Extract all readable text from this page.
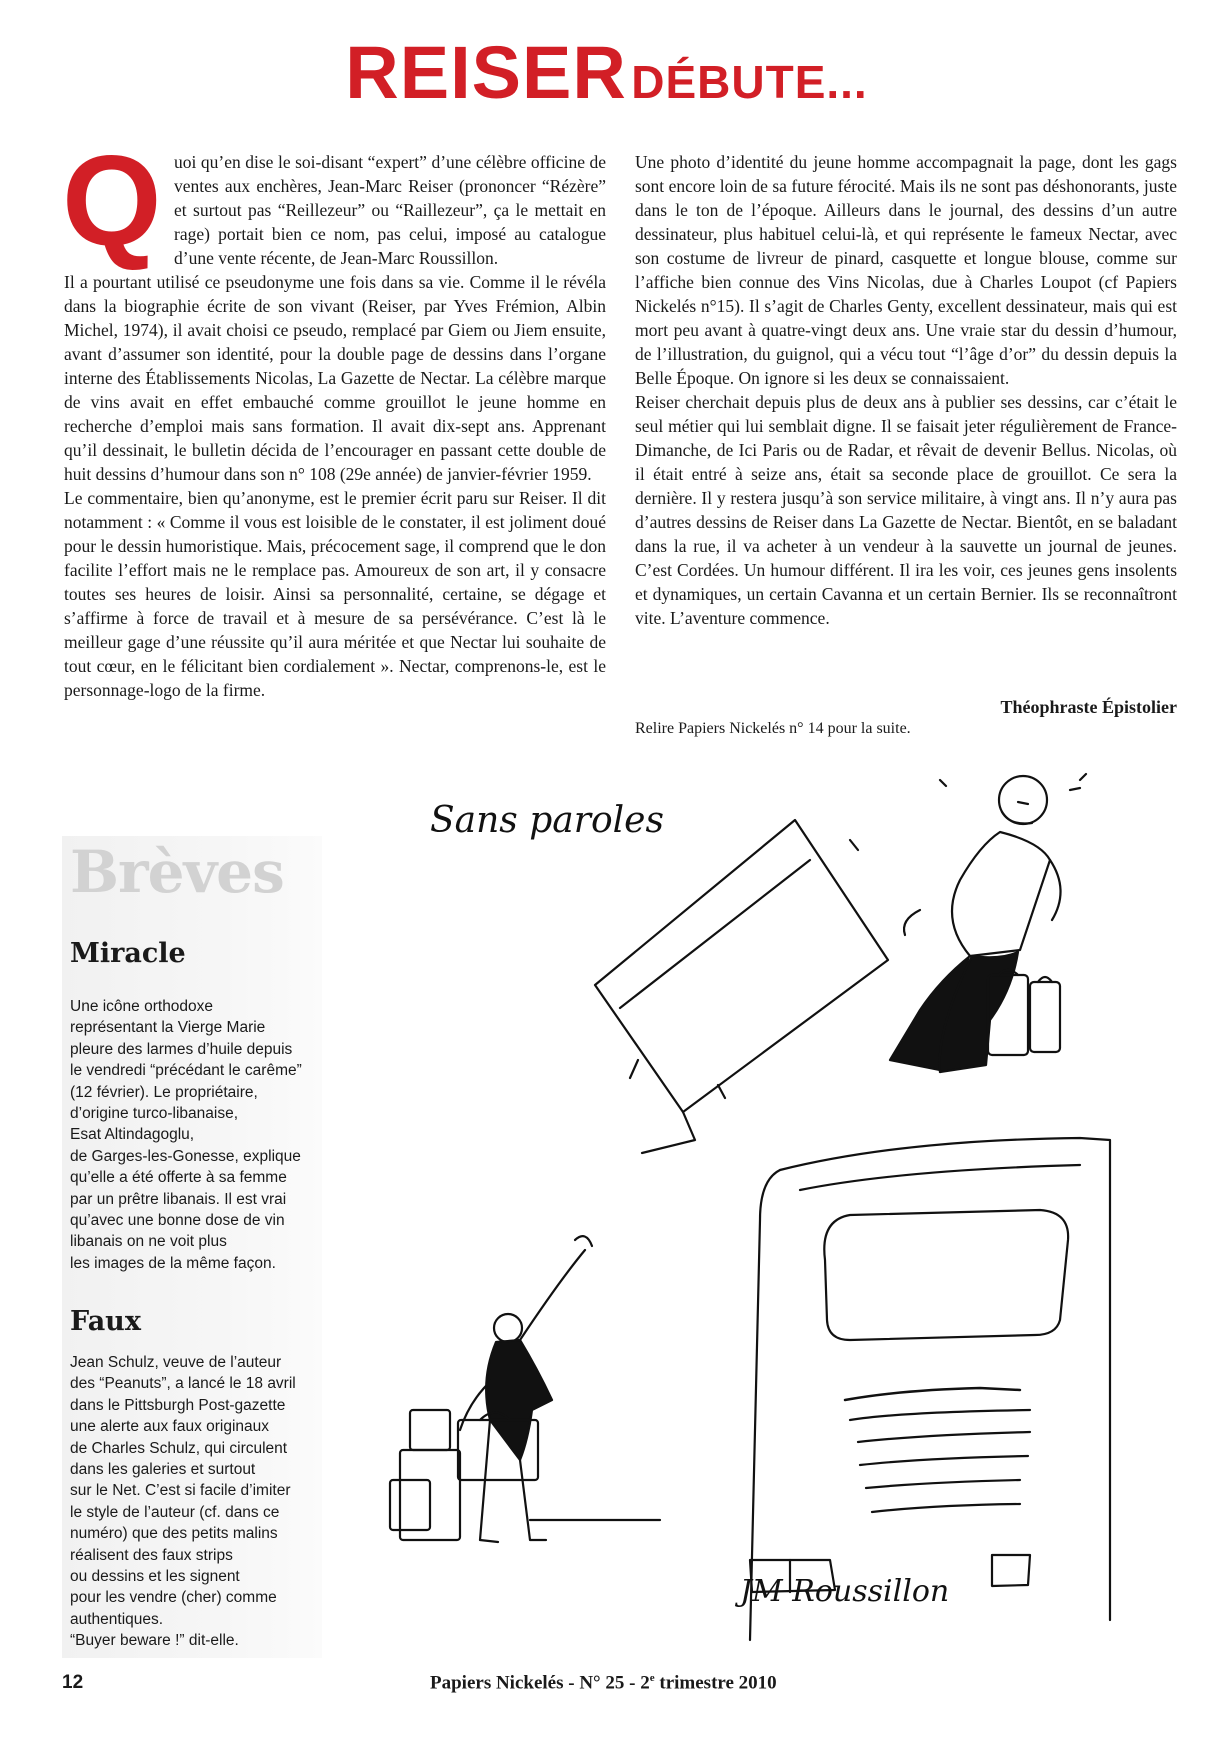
REISER DÉBUTE...
Q uoi qu’en dise le soi-disant “expert” d’une célèbre officine de ventes aux enchères, Jean-Marc Reiser (prononcer “Rézère” et surtout pas “Reillezeur” ou “Raillezeur”, ça le mettait en rage) portait bien ce nom, pas celui, imposé au catalogue d’une vente récente, de Jean-Marc Roussillon.

Il a pourtant utilisé ce pseudonyme une fois dans sa vie. Comme il le révéla dans la biographie écrite de son vivant (Reiser, par Yves Frémion, Albin Michel, 1974), il avait choisi ce pseudo, remplacé par Giem ou Jiem ensuite, avant d’assumer son identité, pour la double page de dessins dans l’organe interne des Établissements Nicolas, La Gazette de Nectar. La célèbre marque de vins avait en effet embauché comme grouillot le jeune homme en recherche d’emploi mais sans formation. Il avait dix-sept ans. Apprenant qu’il dessinait, le bulletin décida de l’encourager en passant cette double de huit dessins d’humour dans son n° 108 (29e année) de janvier-février 1959.

Le commentaire, bien qu’anonyme, est le premier écrit paru sur Reiser. Il dit notamment : « Comme il vous est loisible de le constater, il est joliment doué pour le dessin humoristique. Mais, précocement sage, il comprend que le don facilite l’effort mais ne le remplace pas. Amoureux de son art, il y consacre toutes ses heures de loisir. Ainsi sa personnalité, certaine, se dégage et s’affirme à force de travail et à mesure de sa persévérance. C’est là le meilleur gage d’une réussite qu’il aura méritée et que Nectar lui souhaite de tout cœur, en le félicitant bien cordialement ». Nectar, comprenons-le, est le personnage-logo de la firme.

Une photo d’identité du jeune homme accompagnait la page, dont les gags sont encore loin de sa future férocité. Mais ils ne sont pas déshonorants, juste dans le ton de l’époque. Ailleurs dans le journal, des dessins d’un autre dessinateur, plus habituel celui-là, et qui représente le fameux Nectar, avec son costume de livreur de pinard, casquette et longue blouse, comme sur l’affiche bien connue des Vins Nicolas, due à Charles Loupot (cf Papiers Nickelés n°15). Il s’agit de Charles Genty, excellent dessinateur, mais qui est mort peu avant à quatre-vingt deux ans. Une vraie star du dessin d’humour, de l’illustration, du guignol, qui a vécu tout “l’âge d’or” du dessin depuis la Belle Époque. On ignore si les deux se connaissaient.

Reiser cherchait depuis plus de deux ans à publier ses dessins, car c’était le seul métier qui lui semblait digne. Il se faisait jeter régulièrement de France-Dimanche, de Ici Paris ou de Radar, et rêvait de devenir Bellus. Nicolas, où il était entré à seize ans, était sa seconde place de grouillot. Ce sera la dernière. Il y restera jusqu’à son service militaire, à vingt ans. Il n’y aura pas d’autres dessins de Reiser dans La Gazette de Nectar. Bientôt, en se baladant dans la rue, il va acheter à un vendeur à la sauvette un journal de jeunes. C’est Cordées. Un humour différent. Il ira les voir, ces jeunes gens insolents et dynamiques, un certain Cavanna et un certain Bernier. Ils se reconnaîtront vite. L’aventure commence.

Théophraste Épistolier
Relire Papiers Nickelés n° 14 pour la suite.
Brèves
Miracle
Une icône orthodoxe
représentant la Vierge Marie
pleure des larmes d’huile depuis
le vendredi “précédant le carême”
(12 février). Le propriétaire,
d’origine turco-libanaise,
Esat Altindagoglu,
de Garges-les-Gonesse, explique
qu’elle a été offerte à sa femme
par un prêtre libanais. Il est vrai
qu’avec une bonne dose de vin
libanais on ne voit plus
les images de la même façon.
Faux
Jean Schulz, veuve de l’auteur
des “Peanuts”, a lancé le 18 avril
dans le Pittsburgh Post-gazette
une alerte aux faux originaux
de Charles Schulz, qui circulent
dans les galeries et surtout
sur le Net. C’est si facile d’imiter
le style de l’auteur (cf. dans ce
numéro) que des petits malins
réalisent des faux strips
ou dessins et les signent
pour les vendre (cher) comme
authentiques.
“Buyer beware !” dit-elle.
Sans paroles
JM Roussillon
12	Papiers Nickelés - N° 25 - 2e trimestre 2010
